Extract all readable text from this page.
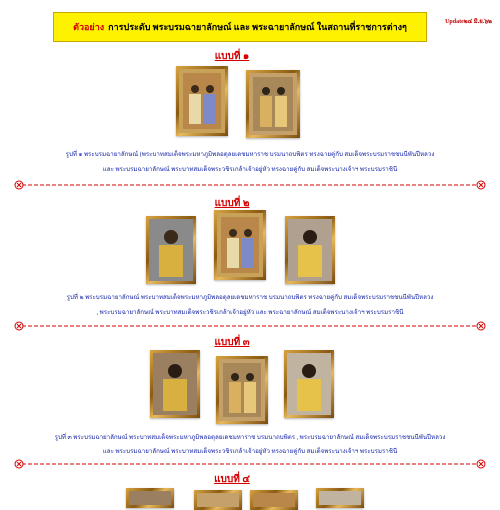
ตัวอย่าง การประดับ พระบรมฉายาลักษณ์ และ พระฉายาลักษณ์ ในสถานที่ราชการต่างๆ	Update๒๔ มิ.ย.๖๒
แบบที่ ๑
รูปที่ ๑ พระบรมฉายาลักษณ์ (พระบาทสมเด็จพระมหาภูมิพลอดุลยเดชมหาราช บรมนาถบพิตร ทรงฉายคู่กับ สมเด็จพระบรมราชชนนีพันปีหลวง
และ พระบรมฉายาลักษณ์ พระบาทสมเด็จพระวชิรเกล้าเจ้าอยู่หัว ทรงฉายคู่กับ สมเด็จพระนางเจ้าฯ พระบรมราชินี
แบบที่ ๒
รูปที่ ๒ พระบรมฉายาลักษณ์ พระบาทสมเด็จพระมหาภูมิพลอดุลยเดชมหาราช บรมนาถบพิตร ทรงฉายคู่กับ สมเด็จพระบรมราชชนนีพันปีหลวง
, พระบรมฉายาลักษณ์ พระบาทสมเด็จพระวชิรเกล้าเจ้าอยู่หัว และ พระฉายาลักษณ์ สมเด็จพระนางเจ้าฯ พระบรมราชินี
แบบที่ ๓
รูปที่ ๓ พระบรมฉายาลักษณ์ พระบาทสมเด็จพระมหาภูมิพลอดุลยเดชมหาราช บรมนาถบพิตร , พระบรมฉายาลักษณ์ สมเด็จพระบรมราชชนนีพันปีหลวง
และ พระบรมฉายาลักษณ์ พระบาทสมเด็จพระวชิรเกล้าเจ้าอยู่หัว ทรงฉายคู่กับ สมเด็จพระนางเจ้าฯ พระบรมราชินี
แบบที่ ๔
